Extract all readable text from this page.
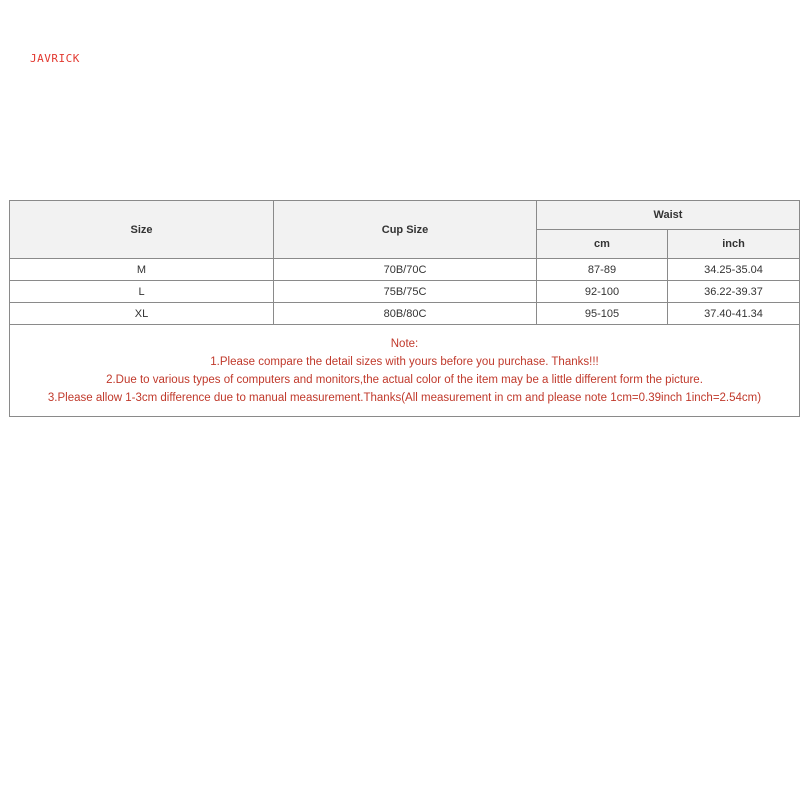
JAVRICK
Size	Cup Size	Waist	
		cm	inch
M	70B/70C	87-89	34.25-35.04
L	75B/75C	92-100	36.22-39.37
XL	80B/80C	95-105	37.40-41.34

Note:
1.Please compare the detail sizes with yours before you purchase. Thanks!!!
2.Due to various types of computers and monitors,the actual color of the item may be a little different form the picture.
3.Please allow 1-3cm difference due to manual measurement.Thanks(All measurement in cm and please note 1cm=0.39inch 1inch=2.54cm)			
